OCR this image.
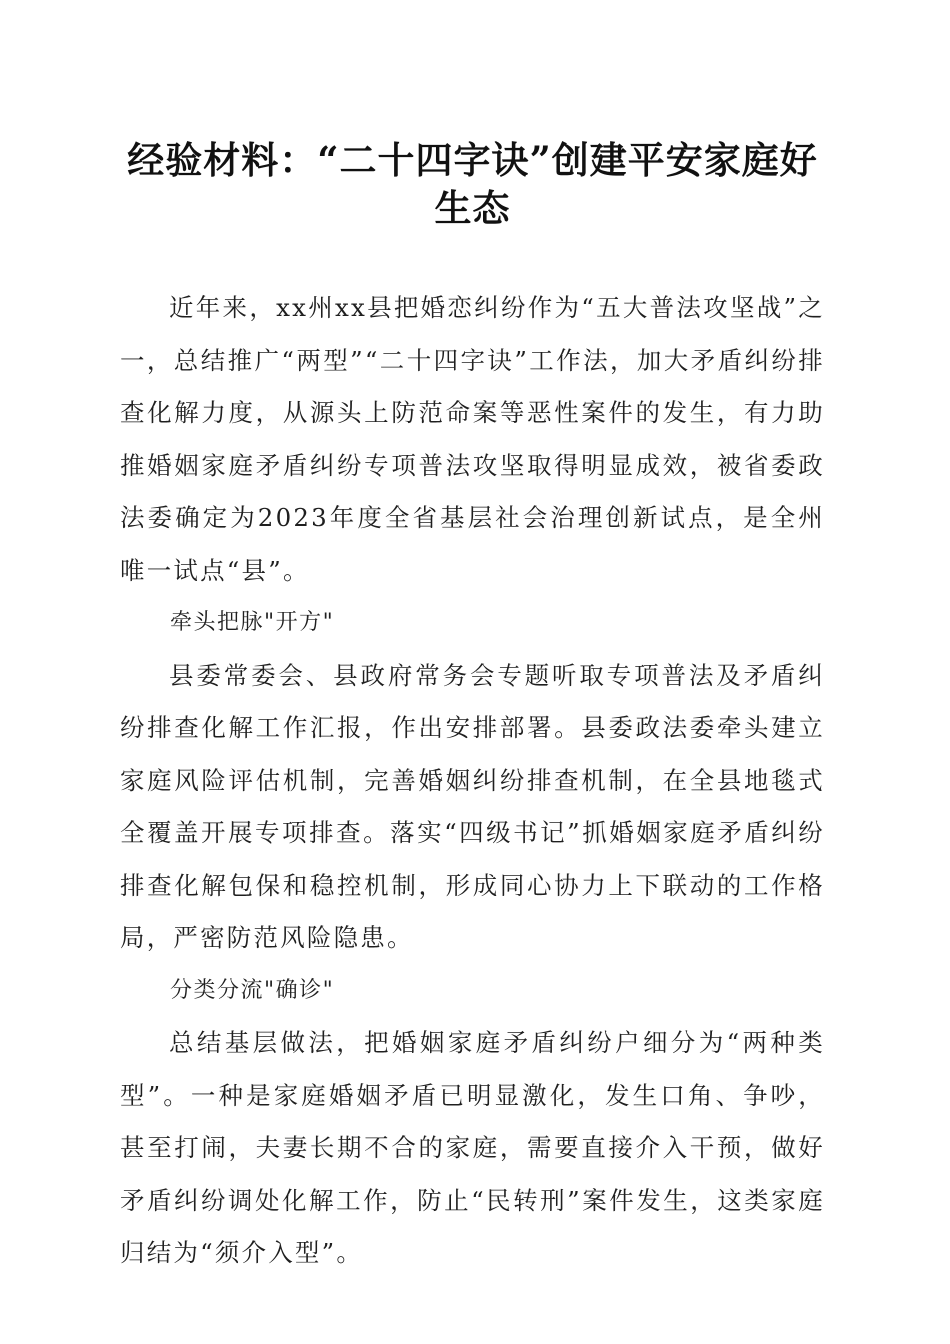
经验材料：“二十四字诀”创建平安家庭好生态

近年来，xx州xx县把婚恋纠纷作为“五大普法攻坚战”之一，总结推广“两型”“二十四字诀”工作法，加大矛盾纠纷排查化解力度，从源头上防范命案等恶性案件的发生，有力助推婚姻家庭矛盾纠纷专项普法攻坚取得明显成效，被省委政法委确定为2023年度全省基层社会治理创新试点，是全州唯一试点“县”。

牵头把脉"开方"

县委常委会、县政府常务会专题听取专项普法及矛盾纠纷排查化解工作汇报，作出安排部署。县委政法委牵头建立家庭风险评估机制，完善婚姻纠纷排查机制，在全县地毯式全覆盖开展专项排查。落实“四级书记”抓婚姻家庭矛盾纠纷排查化解包保和稳控机制，形成同心协力上下联动的工作格局，严密防范风险隐患。

分类分流"确诊"

总结基层做法，把婚姻家庭矛盾纠纷户细分为“两种类型”。一种是家庭婚姻矛盾已明显激化，发生口角、争吵，甚至打闹，夫妻长期不合的家庭，需要直接介入干预，做好矛盾纠纷调处化解工作，防止“民转刑”案件发生，这类家庭归结为“须介入型”。
